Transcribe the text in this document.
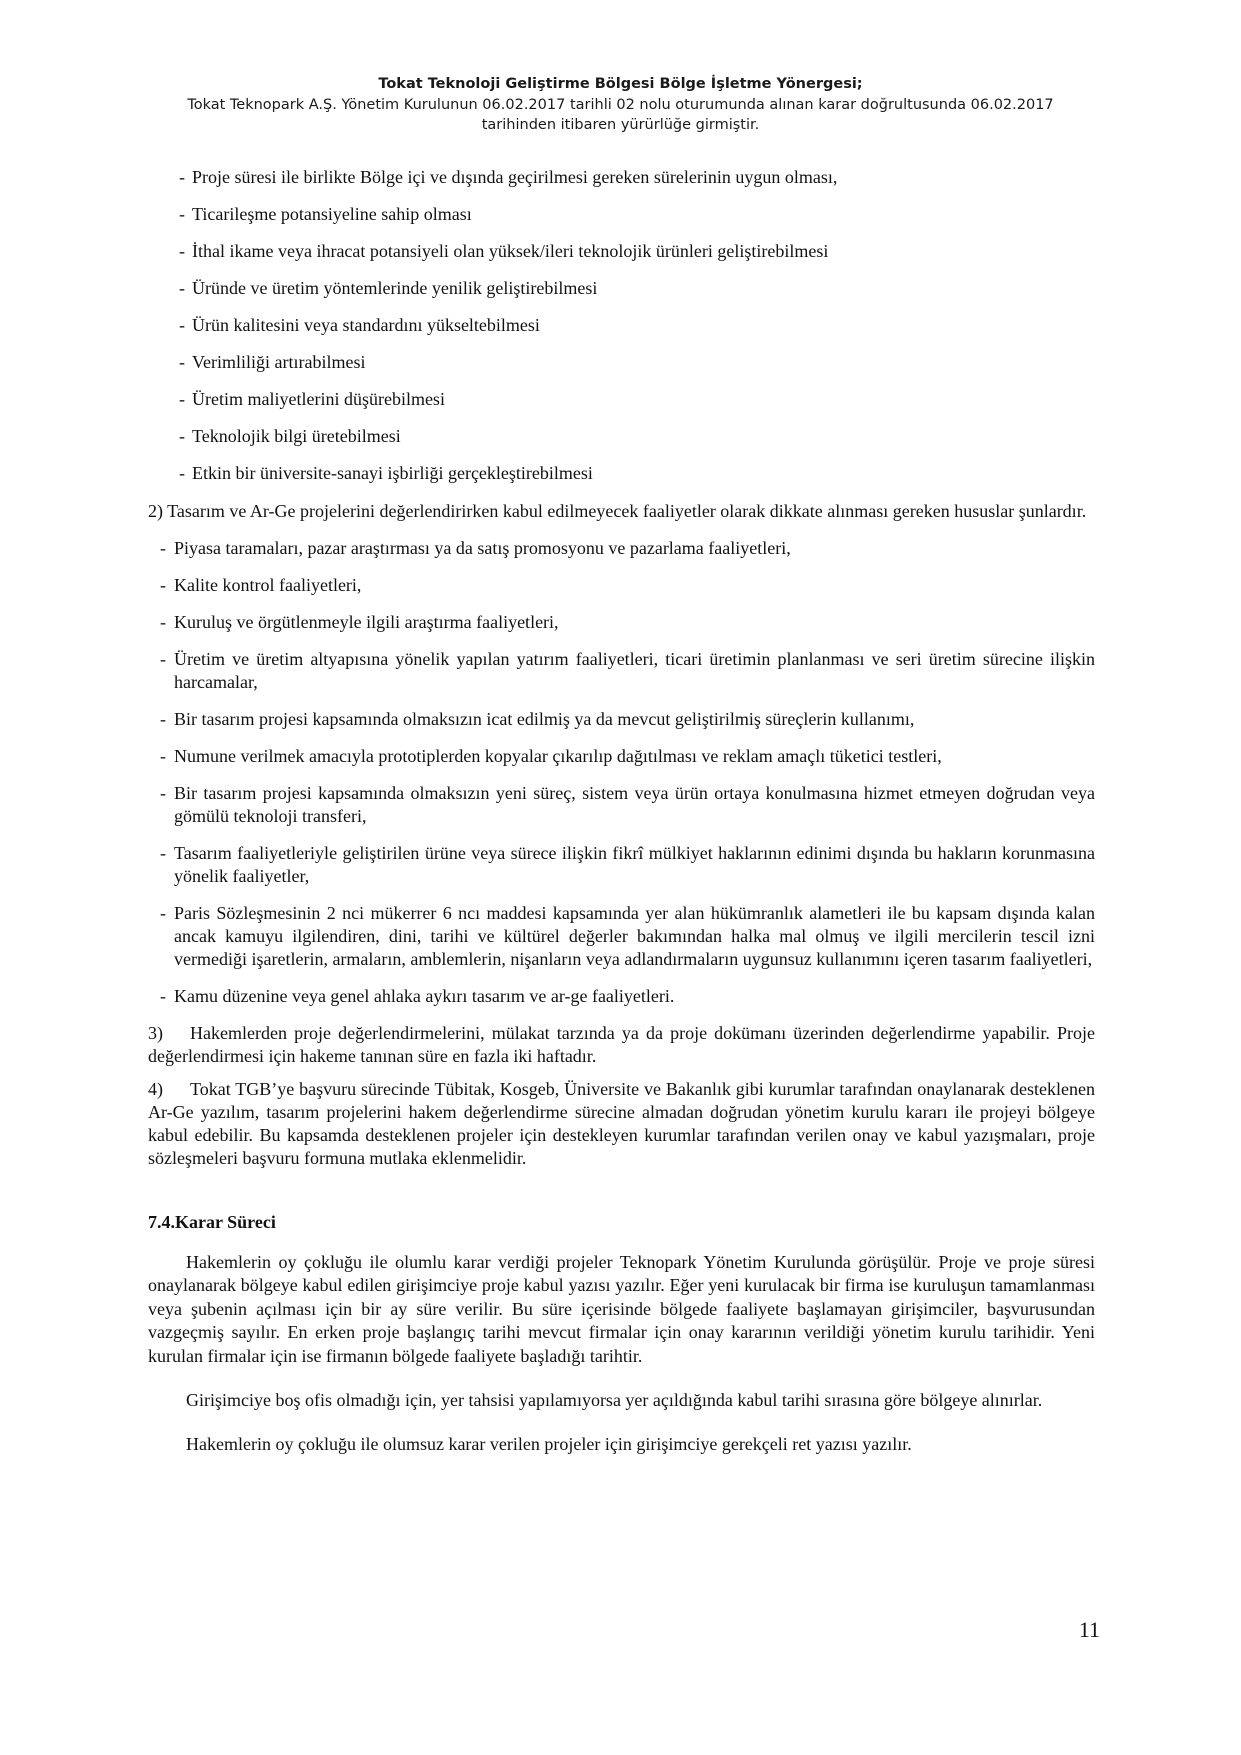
Tokat Teknoloji Geliştirme Bölgesi Bölge İşletme Yönergesi;
Tokat Teknopark A.Ş. Yönetim Kurulunun 06.02.2017 tarihli 02 nolu oturumunda alınan karar doğrultusunda 06.02.2017
tarihinden itibaren yürürlüğe girmiştir.
- Proje süresi ile birlikte Bölge içi ve dışında geçirilmesi gereken sürelerinin uygun olması,
- Ticarileşme potansiyeline sahip olması
- İthal ikame veya ihracat potansiyeli olan yüksek/ileri teknolojik ürünleri geliştirebilmesi
- Üründe ve üretim yöntemlerinde yenilik geliştirebilmesi
- Ürün kalitesini veya standardını yükseltebilmesi
- Verimliliği artırabilmesi
- Üretim maliyetlerini düşürebilmesi
- Teknolojik bilgi üretebilmesi
- Etkin bir üniversite-sanayi işbirliği gerçekleştirebilmesi

2) Tasarım ve Ar-Ge projelerini değerlendirirken kabul edilmeyecek faaliyetler olarak dikkate alınması gereken hususlar şunlardır.

- Piyasa taramaları, pazar araştırması ya da satış promosyonu ve pazarlama faaliyetleri,
- Kalite kontrol faaliyetleri,
- Kuruluş ve örgütlenmeyle ilgili araştırma faaliyetleri,
- Üretim ve üretim altyapısına yönelik yapılan yatırım faaliyetleri, ticari üretimin planlanması ve seri üretim sürecine ilişkin harcamalar,
- Bir tasarım projesi kapsamında olmaksızın icat edilmiş ya da mevcut geliştirilmiş süreçlerin kullanımı,
- Numune verilmek amacıyla prototiplerden kopyalar çıkarılıp dağıtılması ve reklam amaçlı tüketici testleri,
- Bir tasarım projesi kapsamında olmaksızın yeni süreç, sistem veya ürün ortaya konulmasına hizmet etmeyen doğrudan veya gömülü teknoloji transferi,
- Tasarım faaliyetleriyle geliştirilen ürüne veya sürece ilişkin fikrî mülkiyet haklarının edinimi dışında bu hakların korunmasına yönelik faaliyetler,
- Paris Sözleşmesinin 2 nci mükerrer 6 ncı maddesi kapsamında yer alan hükümranlık alametleri ile bu kapsam dışında kalan ancak kamuyu ilgilendiren, dini, tarihi ve kültürel değerler bakımından halka mal olmuş ve ilgili mercilerin tescil izni vermediği işaretlerin, armaların, amblemlerin, nişanların veya adlandırmaların uygunsuz kullanımını içeren tasarım faaliyetleri,
- Kamu düzenine veya genel ahlaka aykırı tasarım ve ar-ge faaliyetleri.

3) Hakemlerden proje değerlendirmelerini, mülakat tarzında ya da proje dokümanı üzerinden değerlendirme yapabilir. Proje değerlendirmesi için hakeme tanınan süre en fazla iki haftadır.

4) Tokat TGB’ye başvuru sürecinde Tübitak, Kosgeb, Üniversite ve Bakanlık gibi kurumlar tarafından onaylanarak desteklenen Ar-Ge yazılım, tasarım projelerini hakem değerlendirme sürecine almadan doğrudan yönetim kurulu kararı ile projeyi bölgeye kabul edebilir. Bu kapsamda desteklenen projeler için destekleyen kurumlar tarafından verilen onay ve kabul yazışmaları, proje sözleşmeleri başvuru formuna mutlaka eklenmelidir.

7.4.Karar Süreci

Hakemlerin oy çokluğu ile olumlu karar verdiği projeler Teknopark Yönetim Kurulunda görüşülür. Proje ve proje süresi onaylanarak bölgeye kabul edilen girişimciye proje kabul yazısı yazılır. Eğer yeni kurulacak bir firma ise kuruluşun tamamlanması veya şubenin açılması için bir ay süre verilir. Bu süre içerisinde bölgede faaliyete başlamayan girişimciler, başvurusundan vazgeçmiş sayılır. En erken proje başlangıç tarihi mevcut firmalar için onay kararının verildiği yönetim kurulu tarihidir. Yeni kurulan firmalar için ise firmanın bölgede faaliyete başladığı tarihtir.

Girişimciye boş ofis olmadığı için, yer tahsisi yapılamıyorsa yer açıldığında kabul tarihi sırasına göre bölgeye alınırlar.

Hakemlerin oy çokluğu ile olumsuz karar verilen projeler için girişimciye gerekçeli ret yazısı yazılır.

11
